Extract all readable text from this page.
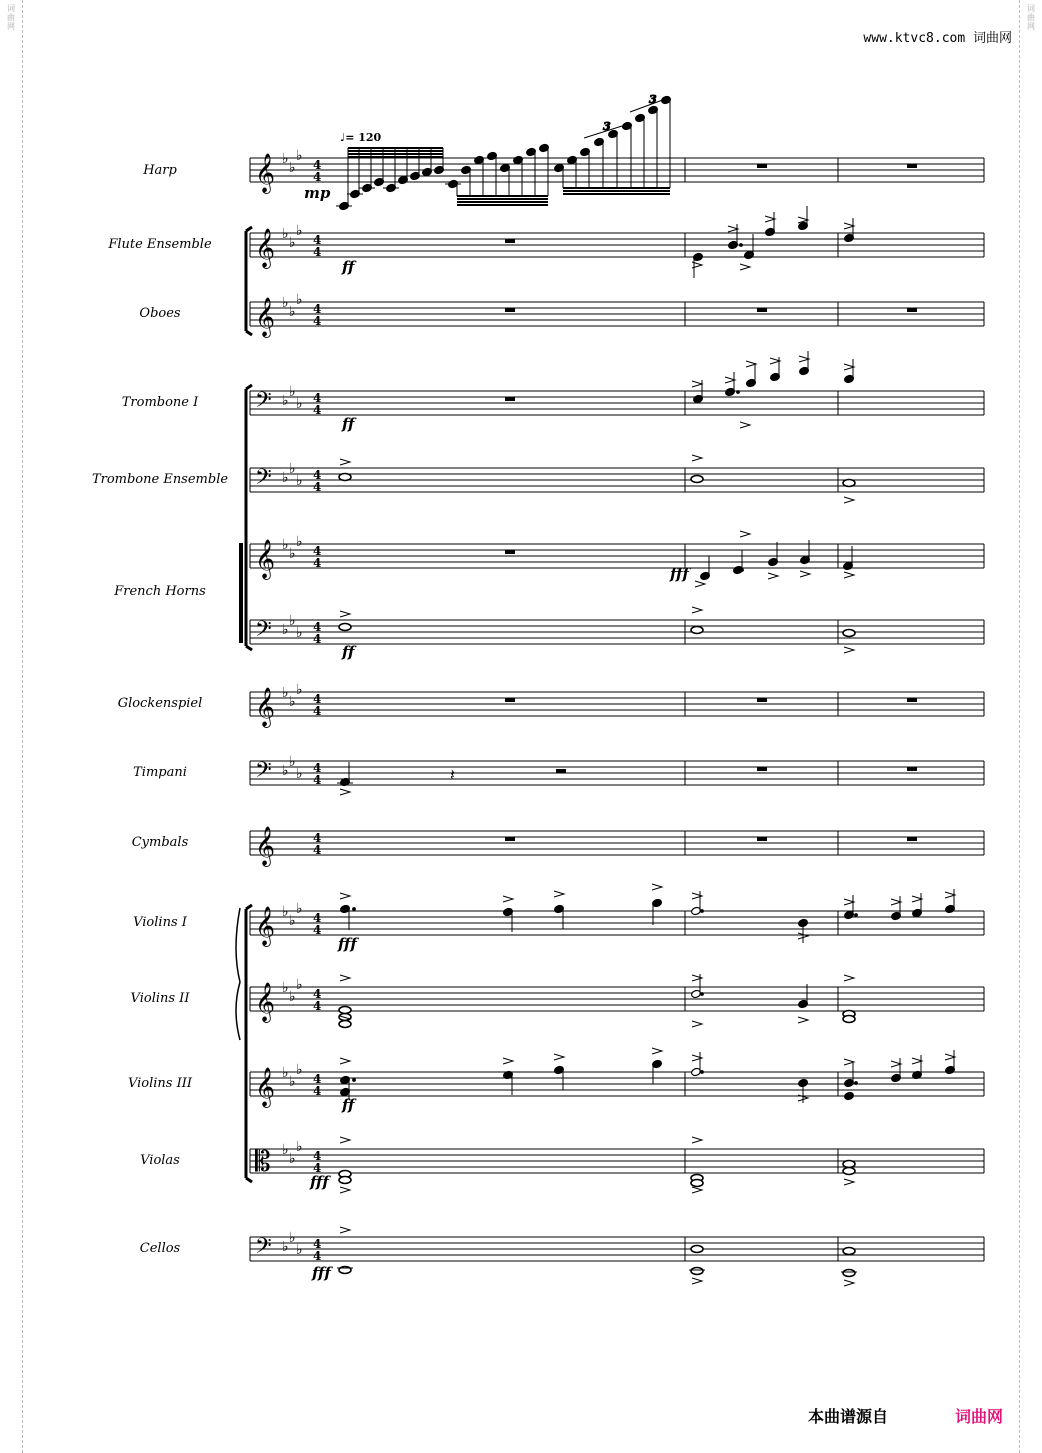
词
曲
网
词
曲
网
www.ktvc8.com 词曲网
♩= 120
Harp
Flute Ensemble
Oboes
Trombone I
Trombone Ensemble
French Horns
Glockenspiel
Timpani
Cymbals
Violins I
Violins II
Violins III
Violas
Cellos
mp
ff
ff
fff
ff
fff
ff
fff
fff
𝄞 ♭
♭
♭
𝄞 ♭
♭
♭
𝄞 ♭
♭
♭
𝄢 ♭
♭
♭
𝄢 ♭
♭
♭
𝄞 ♭
♭
♭
𝄢 ♭
♭
♭
𝄞 ♭
♭
♭
𝄢 ♭
♭
♭
𝄞
𝄞 ♭
♭
♭
𝄞 ♭
♭
♭
𝄞 ♭
♭
♭
𝄡 ♭
♭
♭
𝄢 ♭
♭
♭
4
4
4
4
4
4
4
4
4
4
4
4
4
4
4
4
4
4
4
4
4
4
4
4
4
4
4
4
4
4
𝄽
3
3
本曲谱源自	词曲网
